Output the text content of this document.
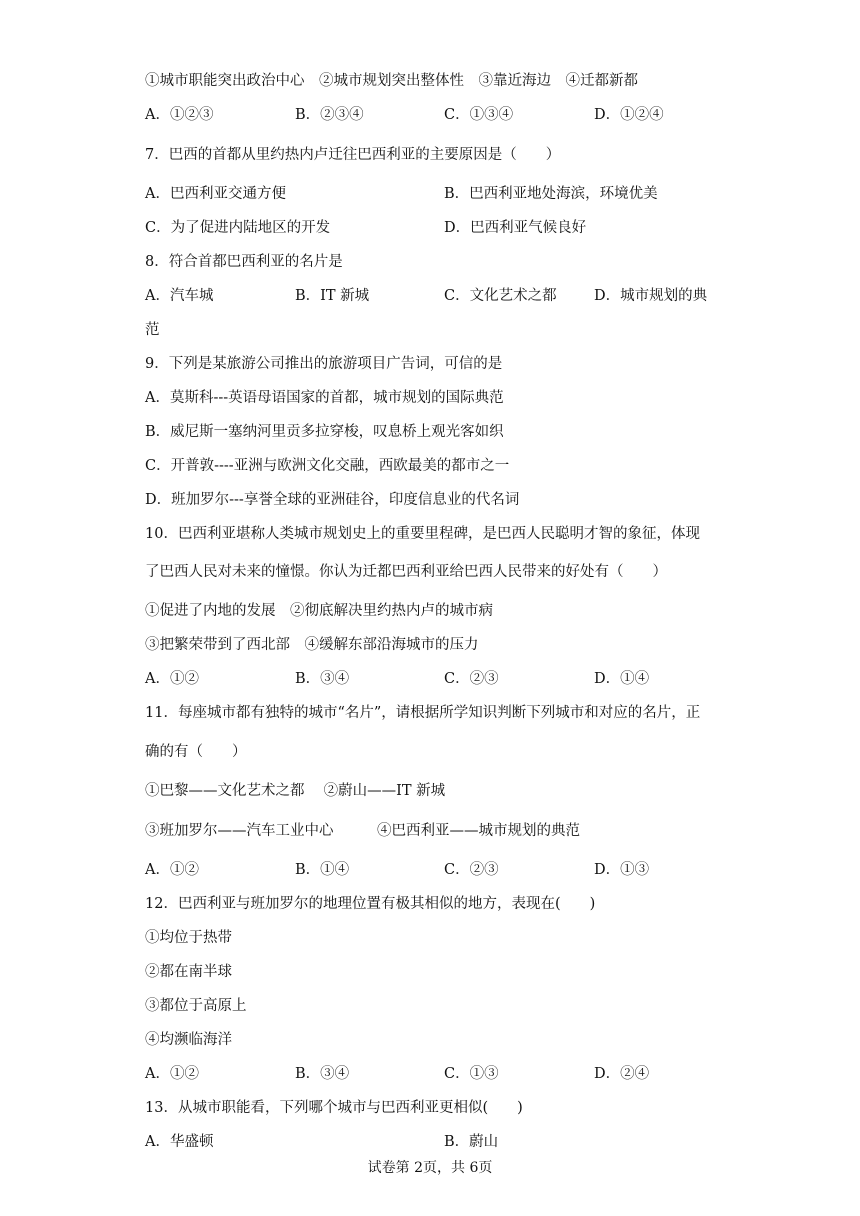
①城市职能突出政治中心　②城市规划突出整体性　③靠近海边　④迁都新都
A．①②③	B．②③④	C．①③④	D．①②④
7．巴西的首都从里约热内卢迁往巴西利亚的主要原因是（　　）
A．巴西利亚交通方便	B．巴西利亚地处海滨，环境优美
C．为了促进内陆地区的开发	D．巴西利亚气候良好
8．符合首都巴西利亚的名片是
A．汽车城	B．IT 新城	C．文化艺术之都	D．城市规划的典
范
9．下列是某旅游公司推出的旅游项目广告词，可信的是
A．莫斯科---英语母语国家的首都，城市规划的国际典范
B．威尼斯一塞纳河里贡多拉穿梭，叹息桥上观光客如织
C．开普敦----亚洲与欧洲文化交融，西欧最美的都市之一
D．班加罗尔---享誉全球的亚洲硅谷，印度信息业的代名词
10．巴西利亚堪称人类城市规划史上的重要里程碑，是巴西人民聪明才智的象征，体现
了巴西人民对未来的憧憬。你认为迁都巴西利亚给巴西人民带来的好处有（　　）
①促进了内地的发展　②彻底解决里约热内卢的城市病
③把繁荣带到了西北部　④缓解东部沿海城市的压力
A．①②	B．③④	C．②③	D．①④
11．每座城市都有独特的城市“名片”，请根据所学知识判断下列城市和对应的名片，正
确的有（　　）
①巴黎——文化艺术之都　 ②蔚山——IT 新城
③班加罗尔——汽车工业中心　　　④巴西利亚——城市规划的典范
A．①②	B．①④	C．②③	D．①③
12．巴西利亚与班加罗尔的地理位置有极其相似的地方，表现在(　　)
①均位于热带
②都在南半球
③都位于高原上
④均濒临海洋
A．①②	B．③④	C．①③	D．②④
13．从城市职能看，下列哪个城市与巴西利亚更相似(　　)
A．华盛顿	B．蔚山
试卷第 2页，共 6页
